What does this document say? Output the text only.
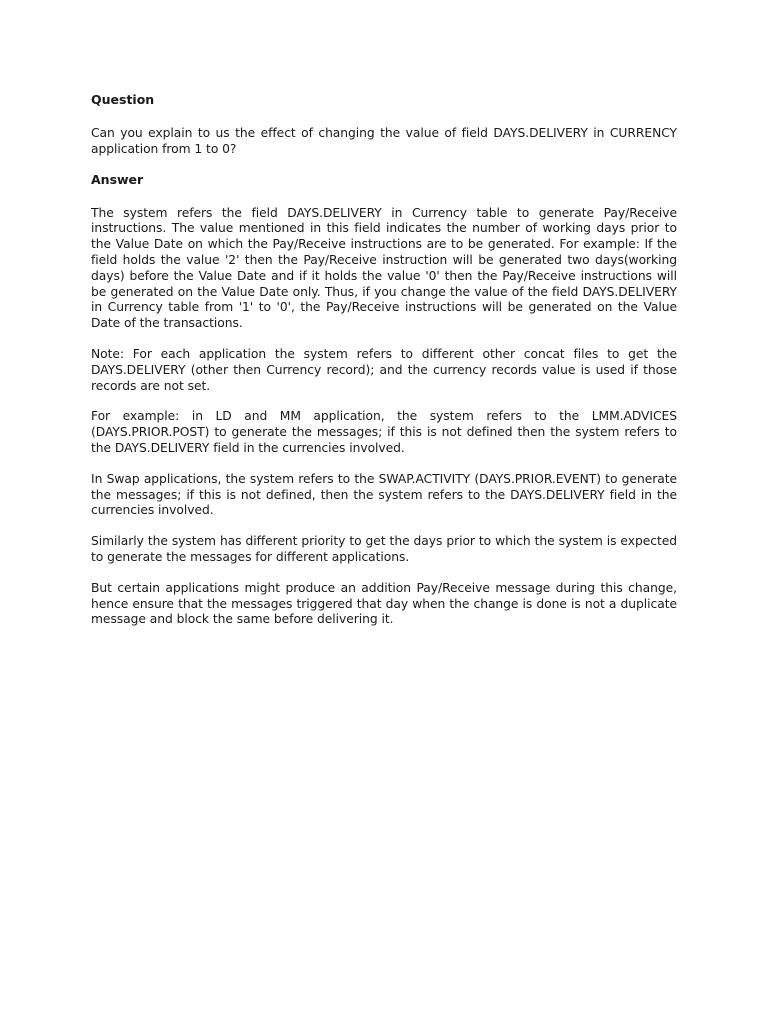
Question

Can you explain to us the effect of changing the value of field DAYS.DELIVERY in CURRENCY application from 1 to 0?

Answer

The system refers the field DAYS.DELIVERY in Currency table to generate Pay/Receive instructions. The value mentioned in this field indicates the number of working days prior to the Value Date on which the Pay/Receive instructions are to be generated. For example: If the field holds the value '2' then the Pay/Receive instruction will be generated two days(working days) before the Value Date and if it holds the value '0' then the Pay/Receive instructions will be generated on the Value Date only. Thus, if you change the value of the field DAYS.DELIVERY in Currency table from '1' to '0', the Pay/Receive instructions will be generated on the Value Date of the transactions.

Note: For each application the system refers to different other concat files to get the DAYS.DELIVERY (other then Currency record); and the currency records value is used if those records are not set.

For example: in LD and MM application, the system refers to the LMM.ADVICES (DAYS.PRIOR.POST) to generate the messages; if this is not defined then the system refers to the DAYS.DELIVERY field in the currencies involved.

In Swap applications, the system refers to the SWAP.ACTIVITY (DAYS.PRIOR.EVENT) to generate the messages; if this is not defined, then the system refers to the DAYS.DELIVERY field in the currencies involved.

Similarly the system has different priority to get the days prior to which the system is expected to generate the messages for different applications.

But certain applications might produce an addition Pay/Receive message during this change, hence ensure that the messages triggered that day when the change is done is not a duplicate message and block the same before delivering it.
